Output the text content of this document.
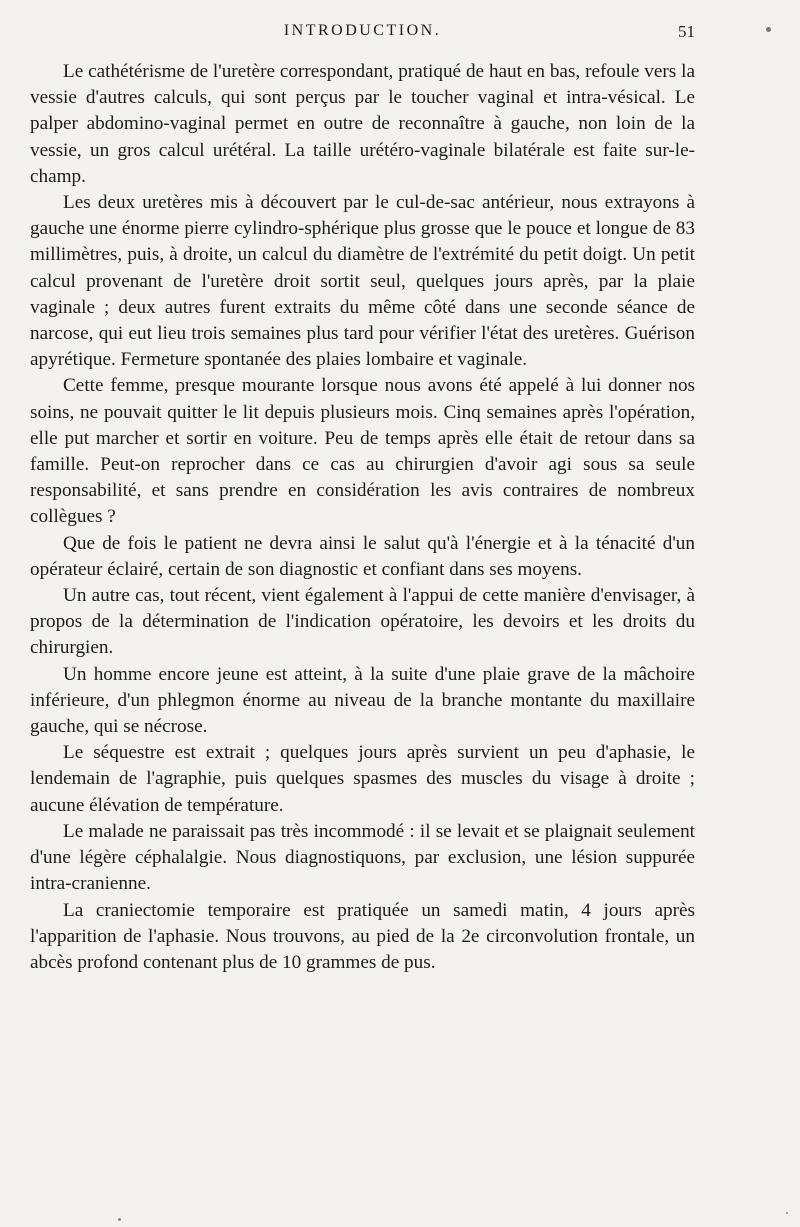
INTRODUCTION.	51

Le cathétérisme de l'uretère correspondant, pratiqué de haut en bas, refoule vers la vessie d'autres calculs, qui sont perçus par le toucher vaginal et intra-vésical. Le palper abdomino-vaginal permet en outre de reconnaître à gauche, non loin de la vessie, un gros calcul urétéral. La taille urétéro-vaginale bilatérale est faite sur-le-champ.

Les deux uretères mis à découvert par le cul-de-sac antérieur, nous extrayons à gauche une énorme pierre cylindro-sphérique plus grosse que le pouce et longue de 83 millimètres, puis, à droite, un calcul du diamètre de l'extrémité du petit doigt. Un petit calcul provenant de l'uretère droit sortit seul, quelques jours après, par la plaie vaginale ; deux autres furent extraits du même côté dans une seconde séance de narcose, qui eut lieu trois semaines plus tard pour vérifier l'état des uretères. Guérison apyrétique. Fermeture spontanée des plaies lombaire et vaginale.

Cette femme, presque mourante lorsque nous avons été appelé à lui donner nos soins, ne pouvait quitter le lit depuis plusieurs mois. Cinq semaines après l'opération, elle put marcher et sortir en voiture. Peu de temps après elle était de retour dans sa famille. Peut-on reprocher dans ce cas au chirurgien d'avoir agi sous sa seule responsabilité, et sans prendre en considération les avis contraires de nombreux collègues ?

Que de fois le patient ne devra ainsi le salut qu'à l'énergie et à la ténacité d'un opérateur éclairé, certain de son diagnostic et confiant dans ses moyens.

Un autre cas, tout récent, vient également à l'appui de cette manière d'envisager, à propos de la détermination de l'indication opératoire, les devoirs et les droits du chirurgien.

Un homme encore jeune est atteint, à la suite d'une plaie grave de la mâchoire inférieure, d'un phlegmon énorme au niveau de la branche montante du maxillaire gauche, qui se nécrose.

Le séquestre est extrait ; quelques jours après survient un peu d'aphasie, le lendemain de l'agraphie, puis quelques spasmes des muscles du visage à droite ; aucune élévation de température.

Le malade ne paraissait pas très incommodé : il se levait et se plaignait seulement d'une légère céphalalgie. Nous diagnostiquons, par exclusion, une lésion suppurée intra-cranienne.

La craniectomie temporaire est pratiquée un samedi matin, 4 jours après l'apparition de l'aphasie. Nous trouvons, au pied de la 2e circonvolution frontale, un abcès profond contenant plus de 10 grammes de pus.
